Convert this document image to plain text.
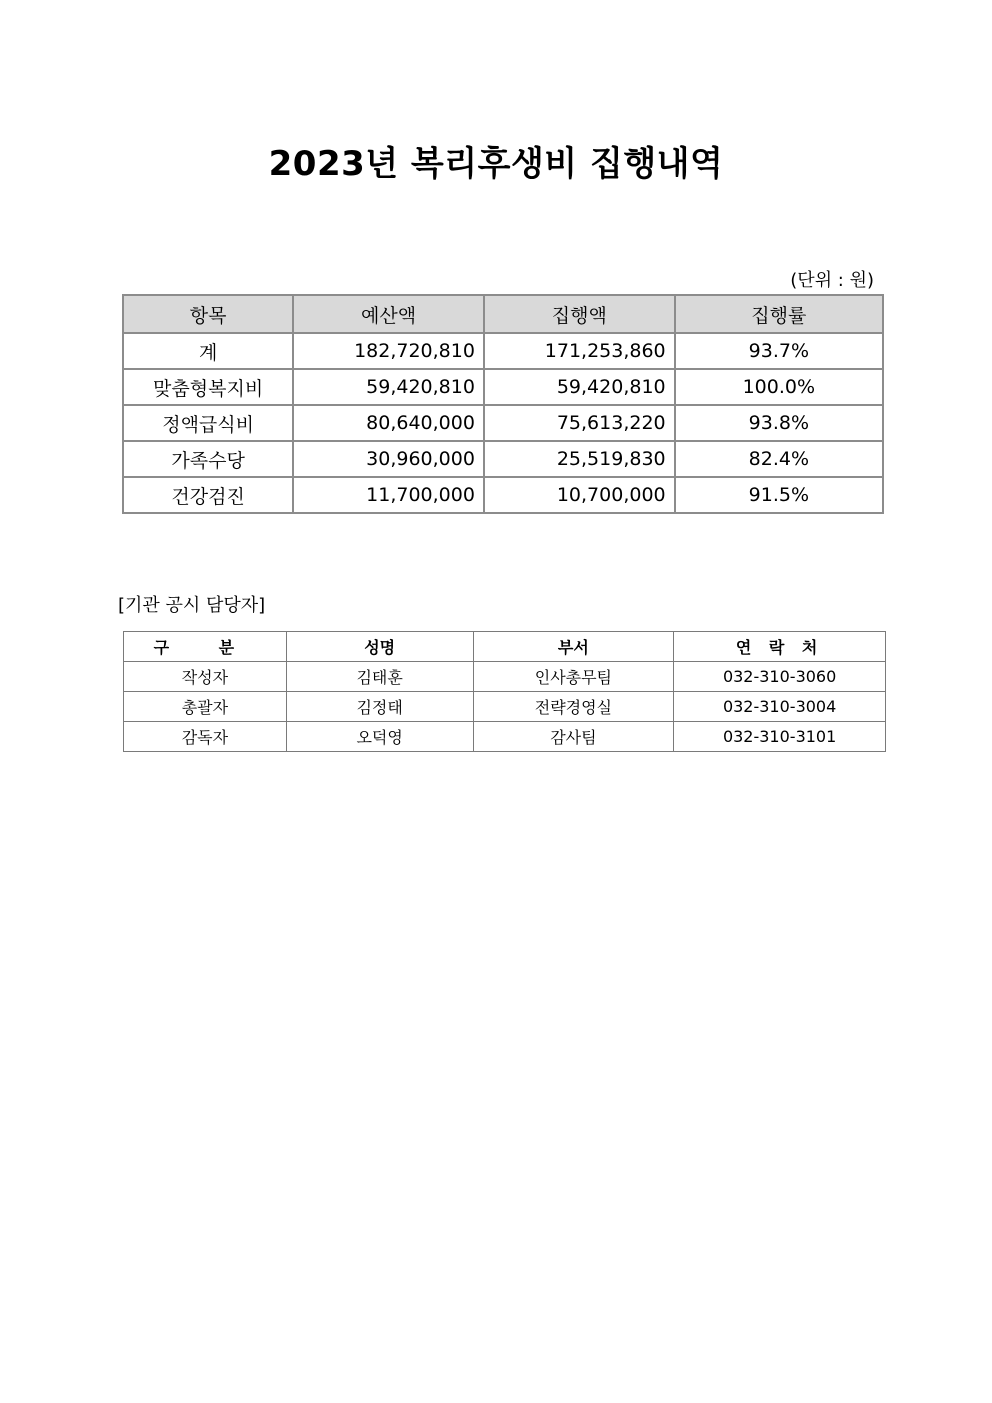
2023년 복리후생비 집행내역
(단위 : 원)
항목	예산액	집행액	집행률
계	182,720,810	171,253,860	93.7%
맞춤형복지비	59,420,810	59,420,810	100.0%
정액급식비	80,640,000	75,613,220	93.8%
가족수당	30,960,000	25,519,830	82.4%
건강검진	11,700,000	10,700,000	91.5%
[기관 공시 담당자]
구 분	성명	부서	연 락 처
작성자	김태훈	인사총무팀	032-310-3060
총괄자	김정태	전략경영실	032-310-3004
감독자	오덕영	감사팀	032-310-3101
